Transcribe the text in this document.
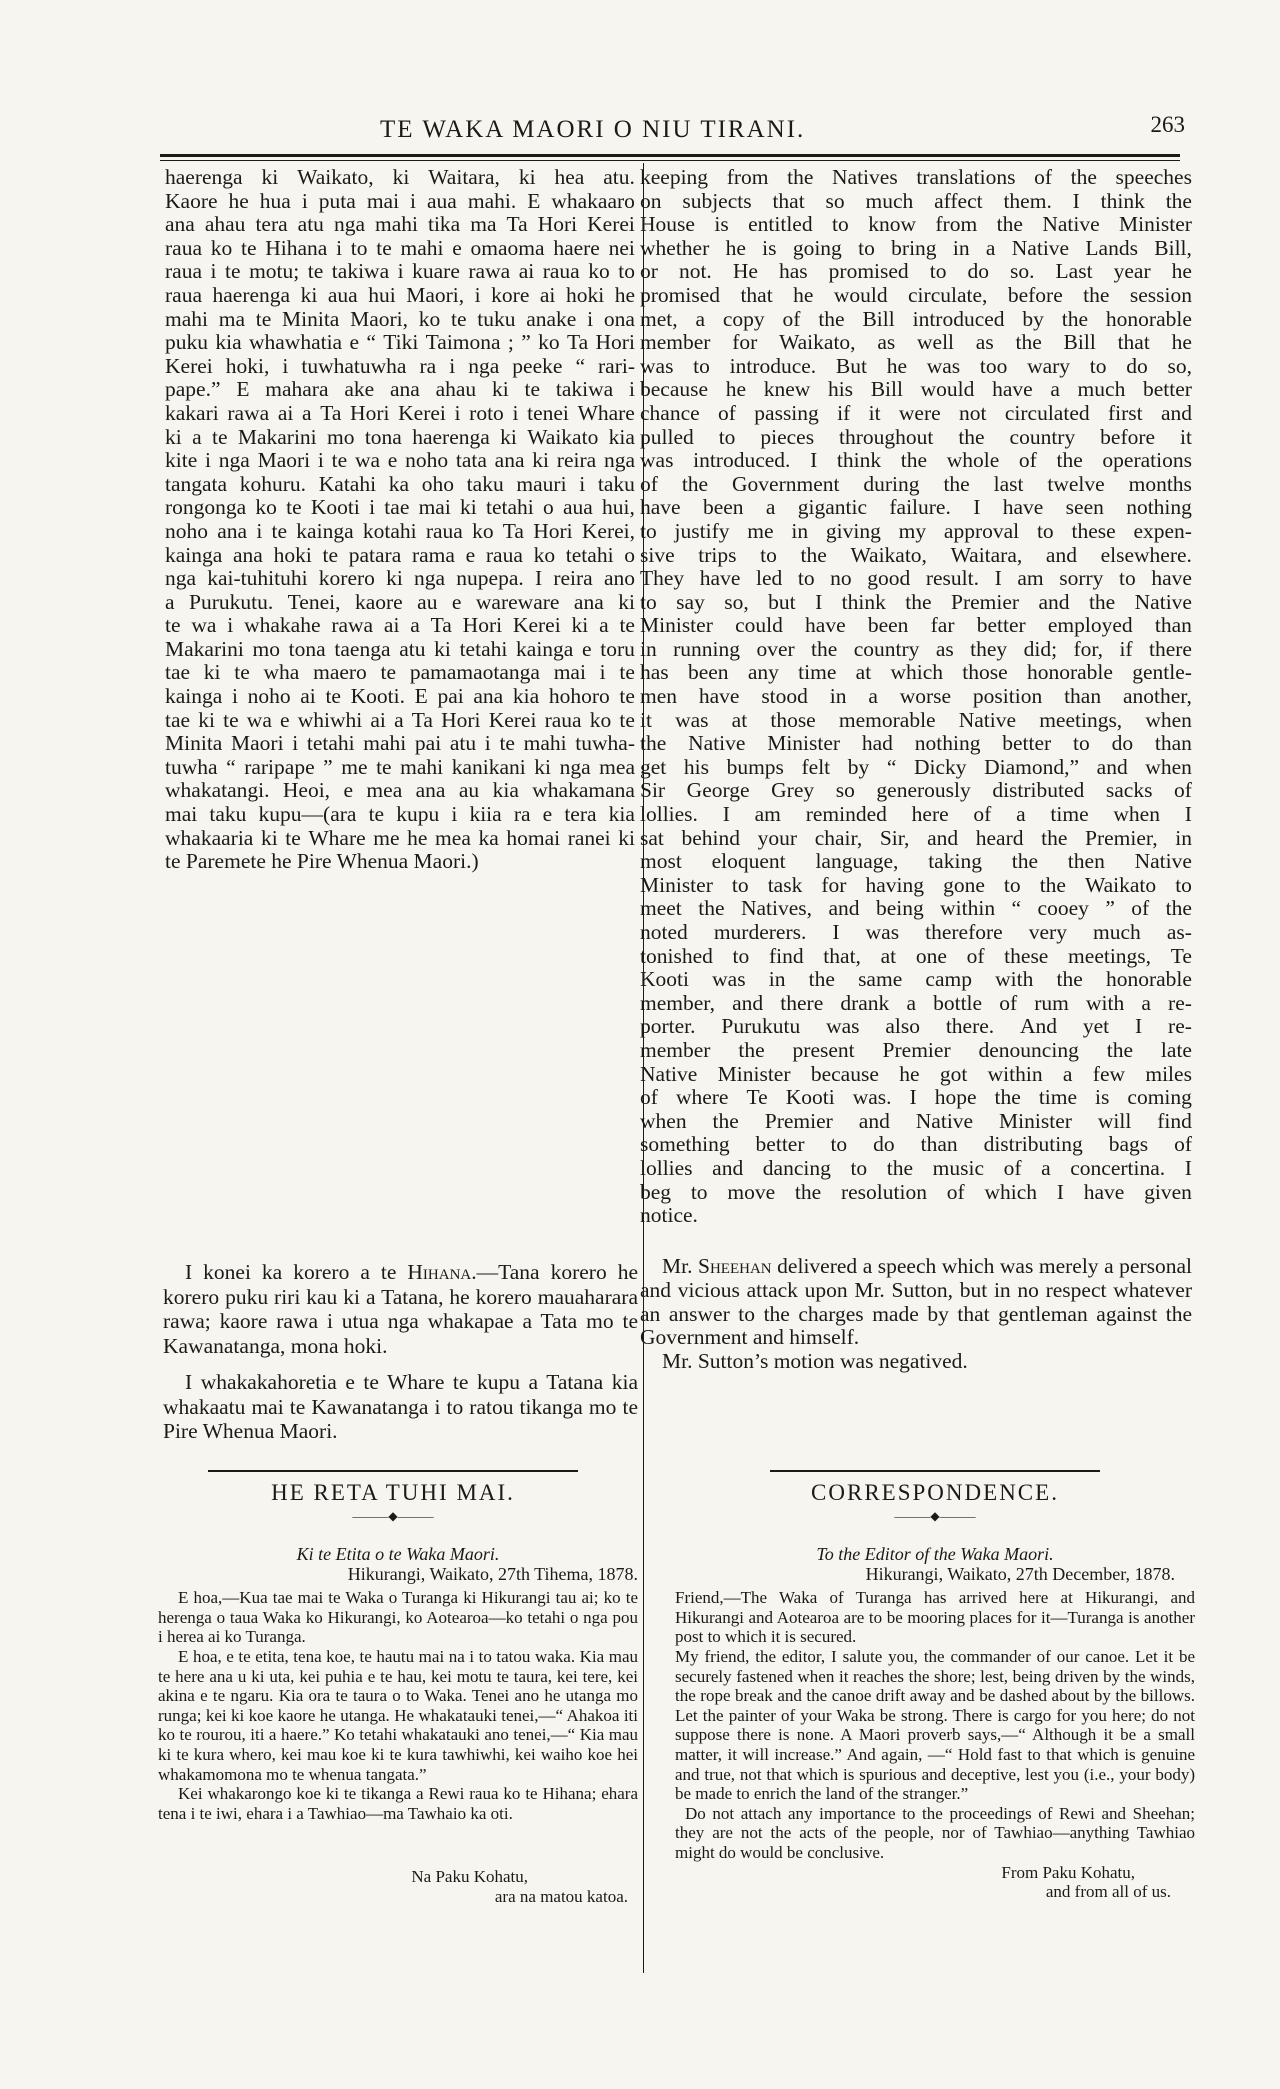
TE WAKA MAORI O NIU TIRANI.	263

haerenga ki Waikato, ki Waitara, ki hea atu.

Kaore he hua i puta mai i aua mahi. E whakaaro

ana ahau tera atu nga mahi tika ma Ta Hori Kerei

raua ko te Hihana i to te mahi e omaoma haere nei

raua i te motu; te takiwa i kuare rawa ai raua ko to

raua haerenga ki aua hui Maori, i kore ai hoki he

mahi ma te Minita Maori, ko te tuku anake i ona

puku kia whawhatia e “ Tiki Taimona ; ” ko Ta Hori

Kerei hoki, i tuwhatuwha ra i nga peeke “ rari-

pape.” E mahara ake ana ahau ki te takiwa i

kakari rawa ai a Ta Hori Kerei i roto i tenei Whare

ki a te Makarini mo tona haerenga ki Waikato kia

kite i nga Maori i te wa e noho tata ana ki reira nga

tangata kohuru. Katahi ka oho taku mauri i taku

rongonga ko te Kooti i tae mai ki tetahi o aua hui,

noho ana i te kainga kotahi raua ko Ta Hori Kerei,

kainga ana hoki te patara rama e raua ko tetahi o

nga kai-tuhituhi korero ki nga nupepa. I reira ano

a Purukutu. Tenei, kaore au e wareware ana ki

te wa i whakahe rawa ai a Ta Hori Kerei ki a te

Makarini mo tona taenga atu ki tetahi kainga e toru

tae ki te wha maero te pamamaotanga mai i te

kainga i noho ai te Kooti. E pai ana kia hohoro te

tae ki te wa e whiwhi ai a Ta Hori Kerei raua ko te

Minita Maori i tetahi mahi pai atu i te mahi tuwha-

tuwha “ raripape ” me te mahi kanikani ki nga mea

whakatangi. Heoi, e mea ana au kia whakamana

mai taku kupu—(ara te kupu i kiia ra e tera kia

whakaaria ki te Whare me he mea ka homai ranei ki

te Paremete he Pire Whenua Maori.)

I konei ka korero a te Hihana.—Tana korero he korero puku riri kau ki a Tatana, he korero mauaharara rawa; kaore rawa i utua nga whakapae a Tata mo te Kawanatanga, mona hoki.

I whakakahoretia e te Whare te kupu a Tatana kia whakaatu mai te Kawanatanga i to ratou tikanga mo te Pire Whenua Maori.

keeping from the Natives translations of the speeches

on subjects that so much affect them. I think the

House is entitled to know from the Native Minister

whether he is going to bring in a Native Lands Bill,

or not. He has promised to do so. Last year he

promised that he would circulate, before the session

met, a copy of the Bill introduced by the honorable

member for Waikato, as well as the Bill that he

was to introduce. But he was too wary to do so,

because he knew his Bill would have a much better

chance of passing if it were not circulated first and

pulled to pieces throughout the country before it

was introduced. I think the whole of the operations

of the Government during the last twelve months

have been a gigantic failure. I have seen nothing

to justify me in giving my approval to these expen-

sive trips to the Waikato, Waitara, and elsewhere.

They have led to no good result. I am sorry to have

to say so, but I think the Premier and the Native

Minister could have been far better employed than

in running over the country as they did; for, if there

has been any time at which those honorable gentle-

men have stood in a worse position than another,

it was at those memorable Native meetings, when

the Native Minister had nothing better to do than

get his bumps felt by “ Dicky Diamond,” and when

Sir George Grey so generously distributed sacks of

lollies. I am reminded here of a time when I

sat behind your chair, Sir, and heard the Premier, in

most eloquent language, taking the then Native

Minister to task for having gone to the Waikato to

meet the Natives, and being within “ cooey ” of the

noted murderers. I was therefore very much as-

tonished to find that, at one of these meetings, Te

Kooti was in the same camp with the honorable

member, and there drank a bottle of rum with a re-

porter. Purukutu was also there. And yet I re-

member the present Premier denouncing the late

Native Minister because he got within a few miles

of where Te Kooti was. I hope the time is coming

when the Premier and Native Minister will find

something better to do than distributing bags of

lollies and dancing to the music of a concertina. I

beg to move the resolution of which I have given

notice.

Mr. Sheehan delivered a speech which was merely a personal and vicious attack upon Mr. Sutton, but in no respect whatever an answer to the charges made by that gentleman against the Government and himself.

Mr. Sutton’s motion was negatived.

HE RETA TUHI MAI.
———◆———

Ki te Etita o te Waka Maori.

Hikurangi, Waikato, 27th Tihema, 1878.

E hoa,—Kua tae mai te Waka o Turanga ki Hikurangi tau ai; ko te herenga o taua Waka ko Hikurangi, ko Aotearoa—ko tetahi o nga pou i herea ai ko Turanga.

E hoa, e te etita, tena koe, te hautu mai na i to tatou waka. Kia mau te here ana u ki uta, kei puhia e te hau, kei motu te taura, kei tere, kei akina e te ngaru. Kia ora te taura o to Waka. Tenei ano he utanga mo runga; kei ki koe kaore he utanga. He whakatauki tenei,—“ Ahakoa iti ko te rourou, iti a haere.” Ko tetahi whakatauki ano tenei,—“ Kia mau ki te kura whero, kei mau koe ki te kura tawhiwhi, kei waiho koe hei whakamomona mo te whenua tangata.”

Kei whakarongo koe ki te tikanga a Rewi raua ko te Hihana; ehara tena i te iwi, ehara i a Tawhiao—ma Tawhaio ka oti.

Na Paku Kohatu,

ara na matou katoa.

CORRESPONDENCE.
———◆———

To the Editor of the Waka Maori.

Hikurangi, Waikato, 27th December, 1878.

Friend,—The Waka of Turanga has arrived here at Hikurangi, and Hikurangi and Aotearoa are to be mooring places for it—Turanga is another post to which it is secured.

My friend, the editor, I salute you, the commander of our canoe. Let it be securely fastened when it reaches the shore; lest, being driven by the winds, the rope break and the canoe drift away and be dashed about by the billows. Let the painter of your Waka be strong. There is cargo for you here; do not suppose there is none. A Maori proverb says,—“ Although it be a small matter, it will increase.” And again, —“ Hold fast to that which is genuine and true, not that which is spurious and deceptive, lest you (i.e., your body) be made to enrich the land of the stranger.”

Do not attach any importance to the proceedings of Rewi and Sheehan; they are not the acts of the people, nor of Tawhiao—anything Tawhiao might do would be conclusive.

From Paku Kohatu,

and from all of us.
